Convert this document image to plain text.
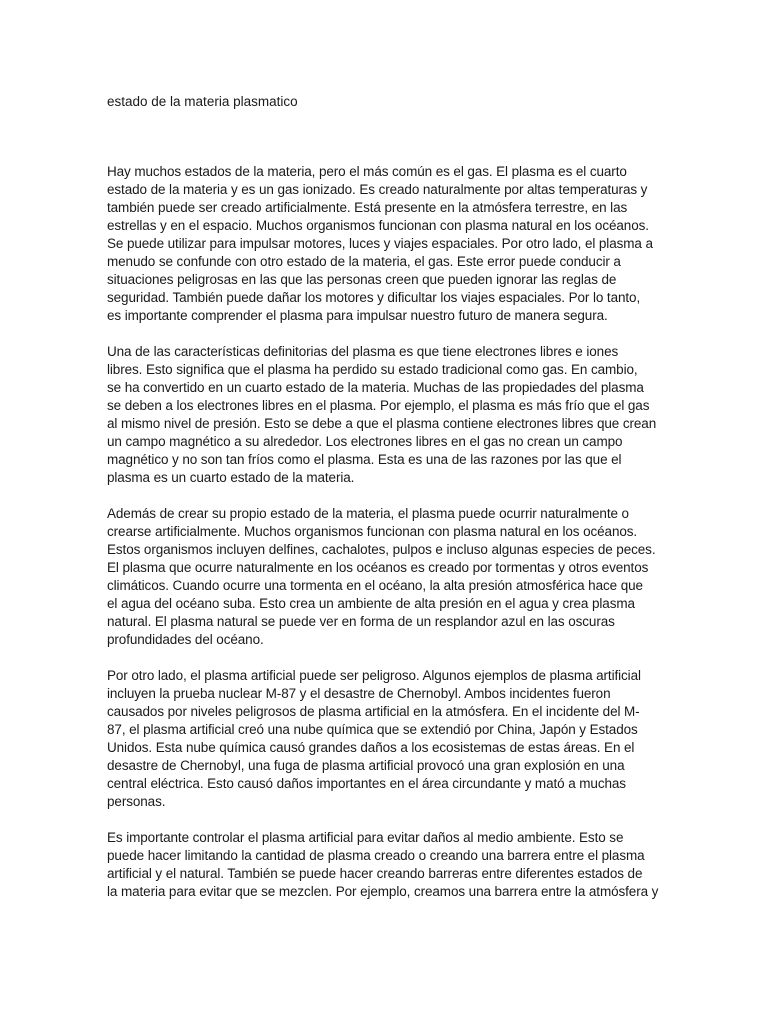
estado de la materia plasmatico
Hay muchos estados de la materia, pero el más común es el gas. El plasma es el cuarto
estado de la materia y es un gas ionizado. Es creado naturalmente por altas temperaturas y
también puede ser creado artificialmente. Está presente en la atmósfera terrestre, en las
estrellas y en el espacio. Muchos organismos funcionan con plasma natural en los océanos.
Se puede utilizar para impulsar motores, luces y viajes espaciales. Por otro lado, el plasma a
menudo se confunde con otro estado de la materia, el gas. Este error puede conducir a
situaciones peligrosas en las que las personas creen que pueden ignorar las reglas de
seguridad. También puede dañar los motores y dificultar los viajes espaciales. Por lo tanto,
es importante comprender el plasma para impulsar nuestro futuro de manera segura.
Una de las características definitorias del plasma es que tiene electrones libres e iones
libres. Esto significa que el plasma ha perdido su estado tradicional como gas. En cambio,
se ha convertido en un cuarto estado de la materia. Muchas de las propiedades del plasma
se deben a los electrones libres en el plasma. Por ejemplo, el plasma es más frío que el gas
al mismo nivel de presión. Esto se debe a que el plasma contiene electrones libres que crean
un campo magnético a su alrededor. Los electrones libres en el gas no crean un campo
magnético y no son tan fríos como el plasma. Esta es una de las razones por las que el
plasma es un cuarto estado de la materia.
Además de crear su propio estado de la materia, el plasma puede ocurrir naturalmente o
crearse artificialmente. Muchos organismos funcionan con plasma natural en los océanos.
Estos organismos incluyen delfines, cachalotes, pulpos e incluso algunas especies de peces.
El plasma que ocurre naturalmente en los océanos es creado por tormentas y otros eventos
climáticos. Cuando ocurre una tormenta en el océano, la alta presión atmosférica hace que
el agua del océano suba. Esto crea un ambiente de alta presión en el agua y crea plasma
natural. El plasma natural se puede ver en forma de un resplandor azul en las oscuras
profundidades del océano.
Por otro lado, el plasma artificial puede ser peligroso. Algunos ejemplos de plasma artificial
incluyen la prueba nuclear M-87 y el desastre de Chernobyl. Ambos incidentes fueron
causados por niveles peligrosos de plasma artificial en la atmósfera. En el incidente del M-
87, el plasma artificial creó una nube química que se extendió por China, Japón y Estados
Unidos. Esta nube química causó grandes daños a los ecosistemas de estas áreas. En el
desastre de Chernobyl, una fuga de plasma artificial provocó una gran explosión en una
central eléctrica. Esto causó daños importantes en el área circundante y mató a muchas
personas.
Es importante controlar el plasma artificial para evitar daños al medio ambiente. Esto se
puede hacer limitando la cantidad de plasma creado o creando una barrera entre el plasma
artificial y el natural. También se puede hacer creando barreras entre diferentes estados de
la materia para evitar que se mezclen. Por ejemplo, creamos una barrera entre la atmósfera y
